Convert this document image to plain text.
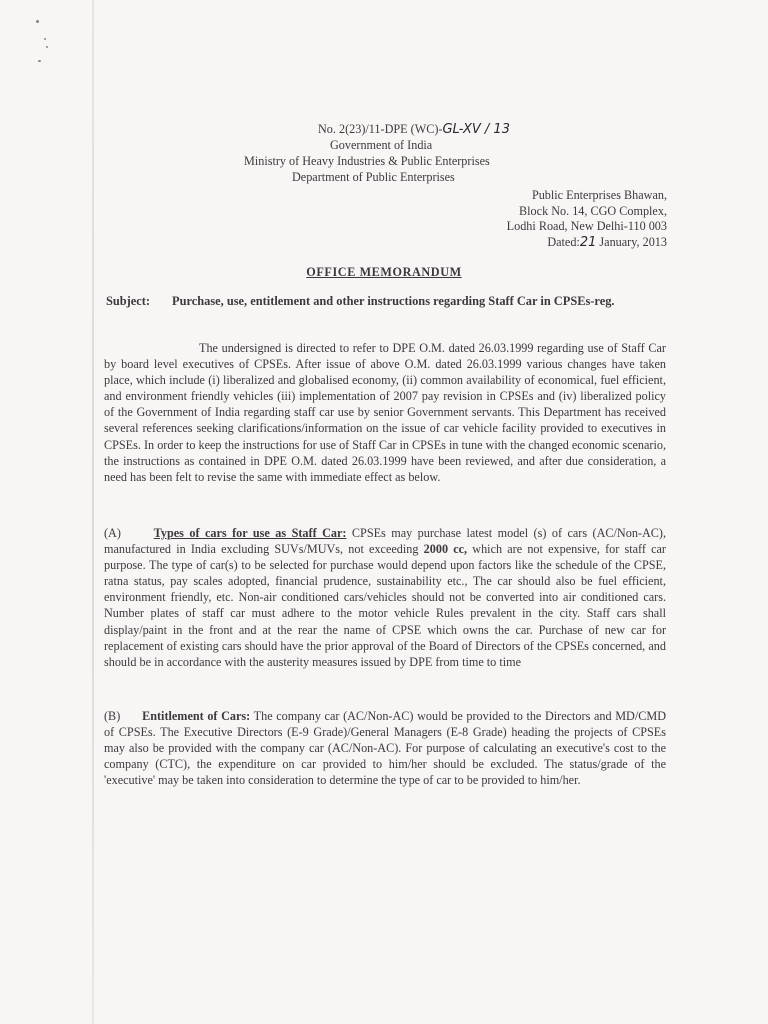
No. 2(23)/11-DPE (WC)-GL-XV / 13
Government of India
Ministry of Heavy Industries & Public Enterprises
Department of Public Enterprises
Public Enterprises Bhawan,
Block No. 14, CGO Complex,
Lodhi Road, New Delhi-110 003
Dated:21 January, 2013
OFFICE MEMORANDUM
Subject: Purchase, use, entitlement and other instructions regarding Staff Car in CPSEs-reg.
The undersigned is directed to refer to DPE O.M. dated 26.03.1999 regarding use of Staff Car by board level executives of CPSEs. After issue of above O.M. dated 26.03.1999 various changes have taken place, which include (i) liberalized and globalised economy, (ii) common availability of economical, fuel efficient, and environment friendly vehicles (iii) implementation of 2007 pay revision in CPSEs and (iv) liberalized policy of the Government of India regarding staff car use by senior Government servants. This Department has received several references seeking clarifications/information on the issue of car vehicle facility provided to executives in CPSEs. In order to keep the instructions for use of Staff Car in CPSEs in tune with the changed economic scenario, the instructions as contained in DPE O.M. dated 26.03.1999 have been reviewed, and after due consideration, a need has been felt to revise the same with immediate effect as below.
(A)	Types of cars for use as Staff Car: CPSEs may purchase latest model (s) of cars (AC/Non-AC), manufactured in India excluding SUVs/MUVs, not exceeding 2000 cc, which are not expensive, for staff car purpose. The type of car(s) to be selected for purchase would depend upon factors like the schedule of the CPSE, ratna status, pay scales adopted, financial prudence, sustainability etc., The car should also be fuel efficient, environment friendly, etc. Non-air conditioned cars/vehicles should not be converted into air conditioned cars. Number plates of staff car must adhere to the motor vehicle Rules prevalent in the city. Staff cars shall display/paint in the front and at the rear the name of CPSE which owns the car. Purchase of new car for replacement of existing cars should have the prior approval of the Board of Directors of the CPSEs concerned, and should be in accordance with the austerity measures issued by DPE from time to time
(B) Entitlement of Cars: The company car (AC/Non-AC) would be provided to the Directors and MD/CMD of CPSEs. The Executive Directors (E-9 Grade)/General Managers (E-8 Grade) heading the projects of CPSEs may also be provided with the company car (AC/Non-AC). For purpose of calculating an executive's cost to the company (CTC), the expenditure on car provided to him/her should be excluded. The status/grade of the 'executive' may be taken into consideration to determine the type of car to be provided to him/her.
